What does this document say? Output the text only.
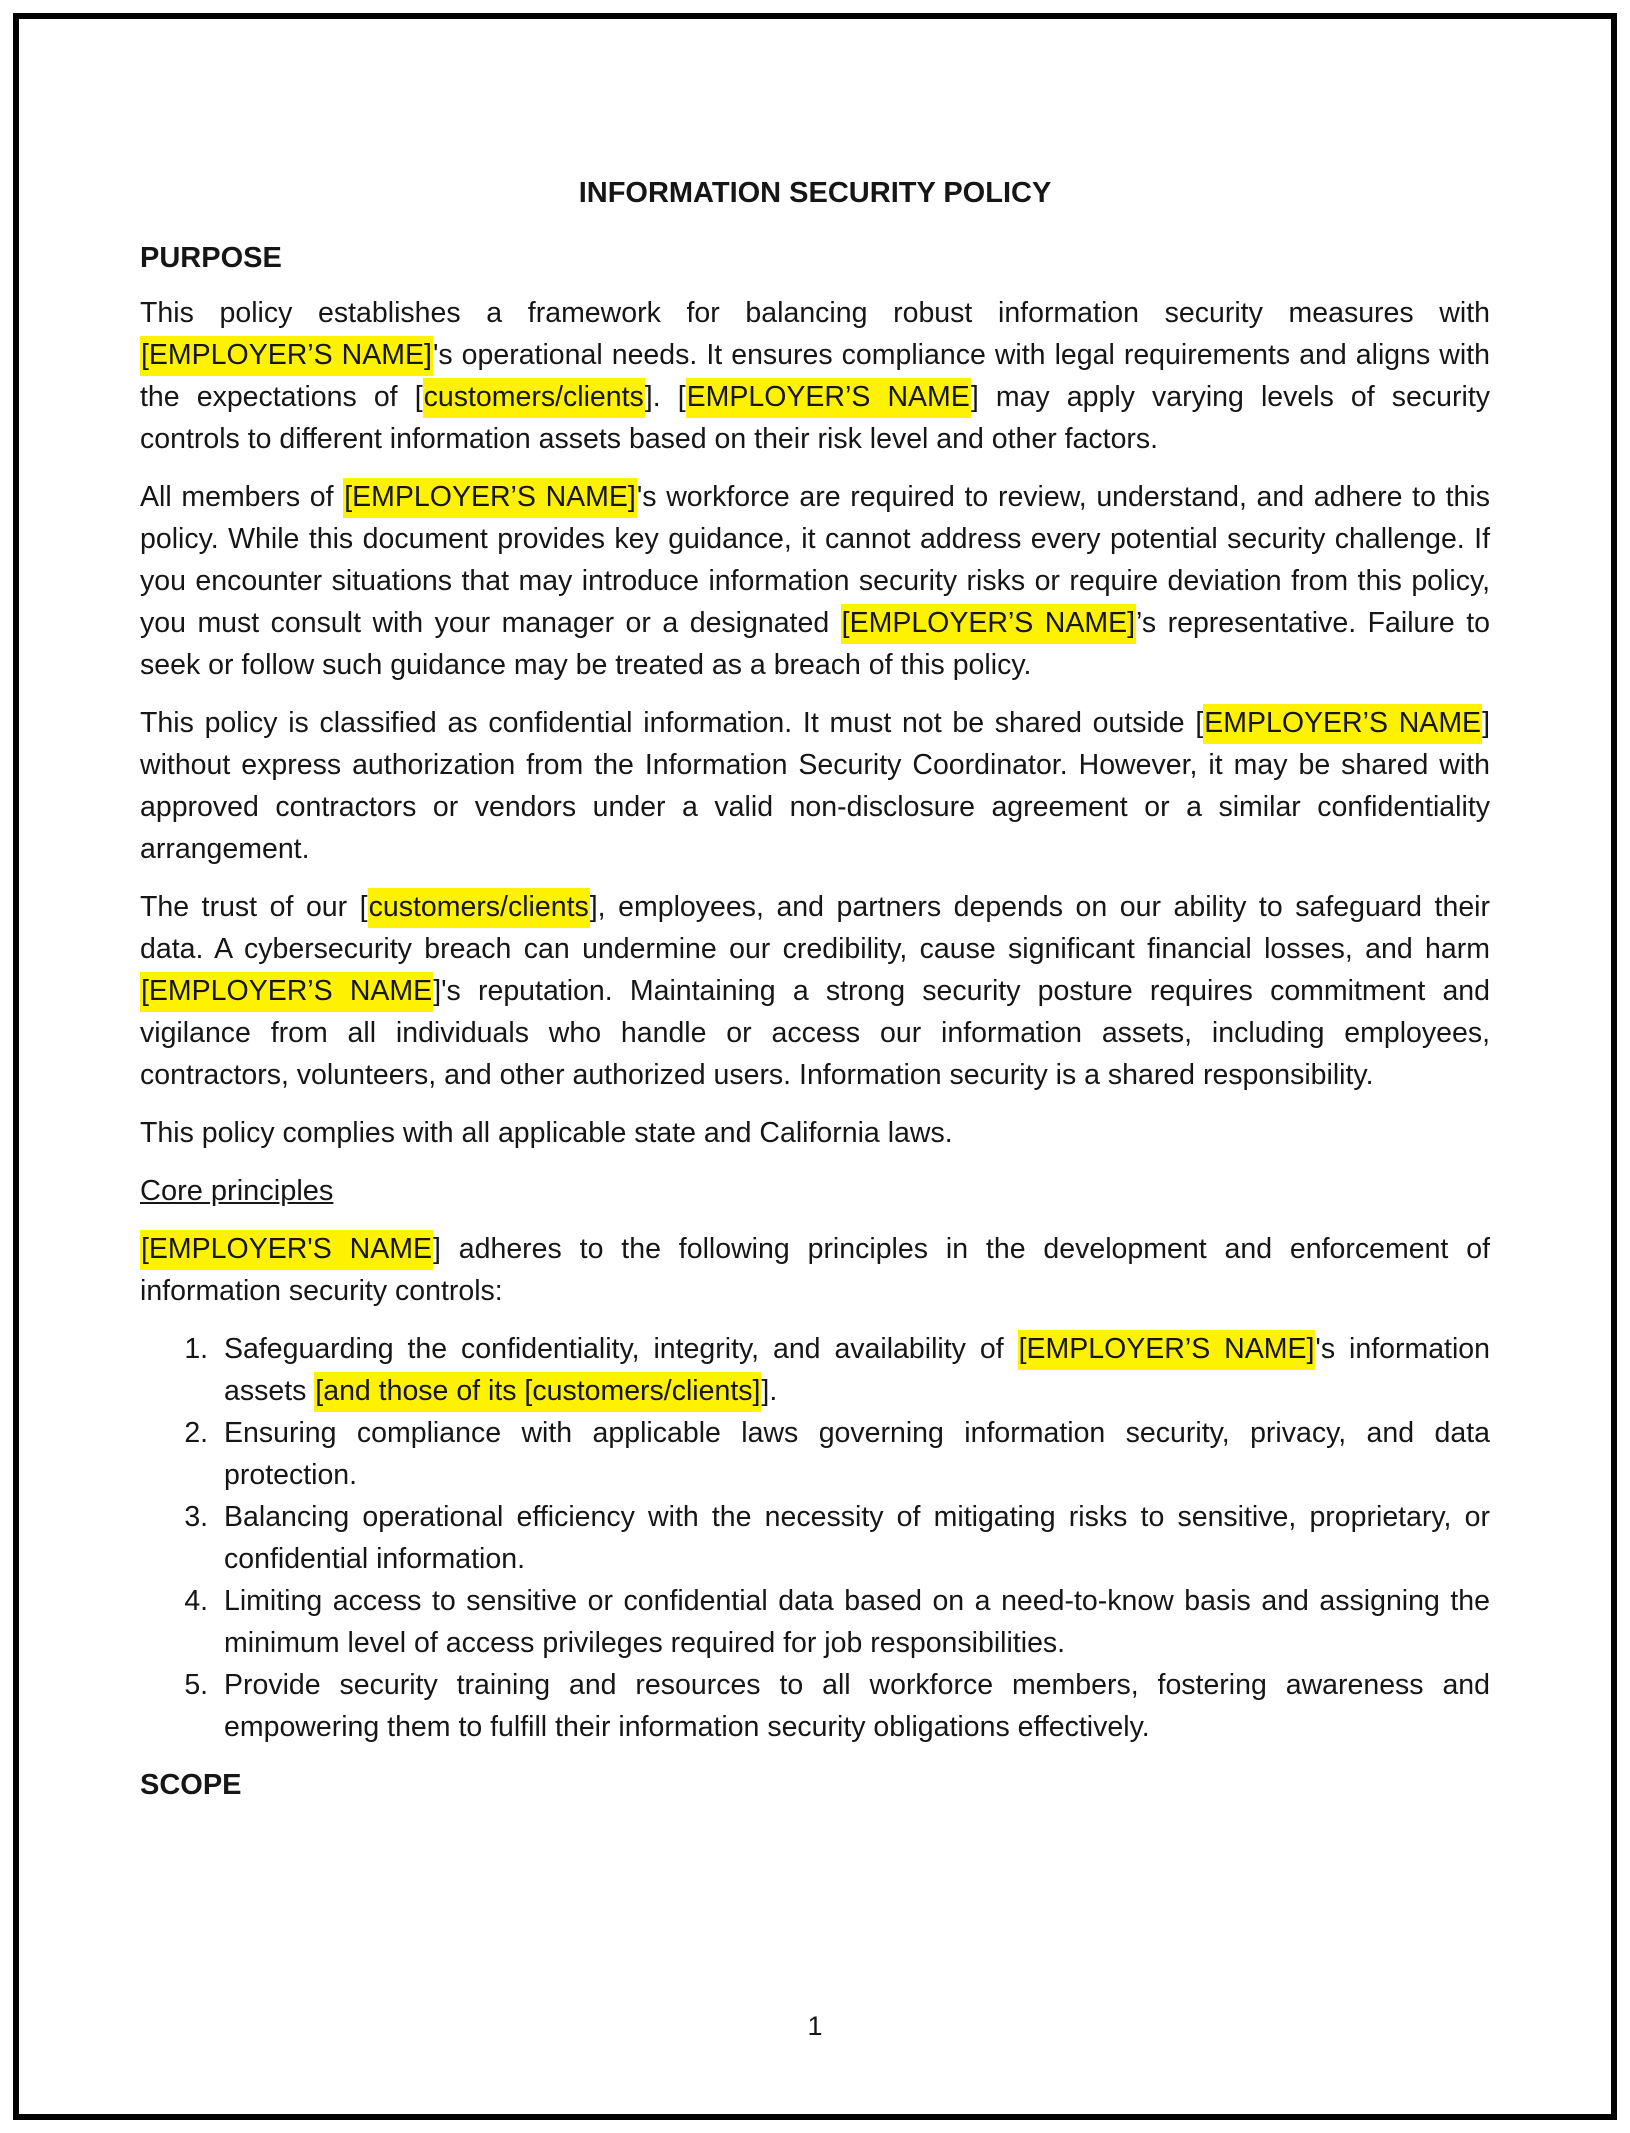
INFORMATION SECURITY POLICY
PURPOSE

This policy establishes a framework for balancing robust information security measures with [EMPLOYER’S NAME]'s operational needs. It ensures compliance with legal requirements and aligns with the expectations of [customers/clients]. [EMPLOYER’S NAME] may apply varying levels of security controls to different information assets based on their risk level and other factors.

All members of [EMPLOYER’S NAME]'s workforce are required to review, understand, and adhere to this policy. While this document provides key guidance, it cannot address every potential security challenge. If you encounter situations that may introduce information security risks or require deviation from this policy, you must consult with your manager or a designated [EMPLOYER’S NAME]’s representative. Failure to seek or follow such guidance may be treated as a breach of this policy.

This policy is classified as confidential information. It must not be shared outside [EMPLOYER’S NAME] without express authorization from the Information Security Coordinator. However, it may be shared with approved contractors or vendors under a valid non-disclosure agreement or a similar confidentiality arrangement.

The trust of our [customers/clients], employees, and partners depends on our ability to safeguard their data. A cybersecurity breach can undermine our credibility, cause significant financial losses, and harm [EMPLOYER’S NAME]'s reputation. Maintaining a strong security posture requires commitment and vigilance from all individuals who handle or access our information assets, including employees, contractors, volunteers, and other authorized users. Information security is a shared responsibility.

This policy complies with all applicable state and California laws.

Core principles

[EMPLOYER'S NAME] adheres to the following principles in the development and enforcement of information security controls:

1. Safeguarding the confidentiality, integrity, and availability of [EMPLOYER’S NAME]'s information assets [and those of its [customers/clients]].
2. Ensuring compliance with applicable laws governing information security, privacy, and data protection.
3. Balancing operational efficiency with the necessity of mitigating risks to sensitive, proprietary, or confidential information.
4. Limiting access to sensitive or confidential data based on a need-to-know basis and assigning the minimum level of access privileges required for job responsibilities.
5. Provide security training and resources to all workforce members, fostering awareness and empowering them to fulfill their information security obligations effectively.
SCOPE
1
